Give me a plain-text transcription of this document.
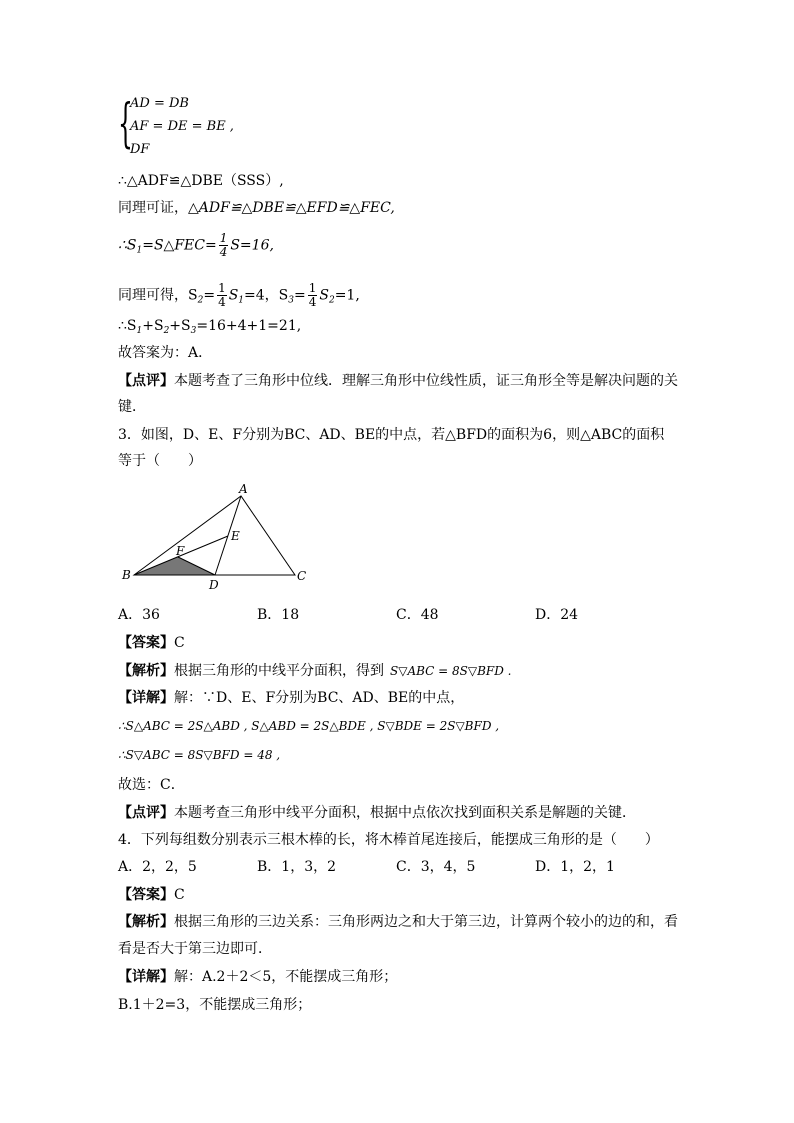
{
AD = DB
AF = DE = BE ,
DF
∴△ADF≌△DBE（SSS）,
同理可证，△ADF≌△DBE≌△EFD≌△FEC,
$\therefore S_1=S\triangle FEC= \frac{1}{4} S=16$,
同理可得，$S_2= \frac{1}{4} S_1=4$，$S_3= \frac{1}{4} S_2=1$,
$\therefore S_1+S_2+S_3=16+4+1=21$,
故答案为：A．
【点评】本题考查了三角形中位线．理解三角形中位线性质，证三角形全等是解决问题的关
键．
3．如图，D、E、F分别为BC、AD、BE的中点，若△BFD的面积为6，则△ABC的面积
等于（　　）
A
B	C
D
E
F
A．36	B．18	C．48	D．24
【答案】C
【解析】根据三角形的中线平分面积，得到 S▽ABC = 8S▽BFD .
【详解】解：∵D、E、F分别为BC、AD、BE的中点，
∴S△ABC = 2S△ABD , S△ABD = 2S△BDE , S▽BDE = 2S▽BFD ,
∴S▽ABC = 8S▽BFD = 48 ,
故选：C．
【点评】本题考查三角形中线平分面积，根据中点依次找到面积关系是解题的关键．
4．下列每组数分别表示三根木棒的长，将木棒首尾连接后，能摆成三角形的是（　　）
A．2，2，5	B．1，3，2	C．3，4，5	D．1，2，1
【答案】C
【解析】根据三角形的三边关系：三角形两边之和大于第三边，计算两个较小的边的和，看
看是否大于第三边即可．
【详解】解：A.2＋2＜5，不能摆成三角形；
B.1＋2=3，不能摆成三角形；
